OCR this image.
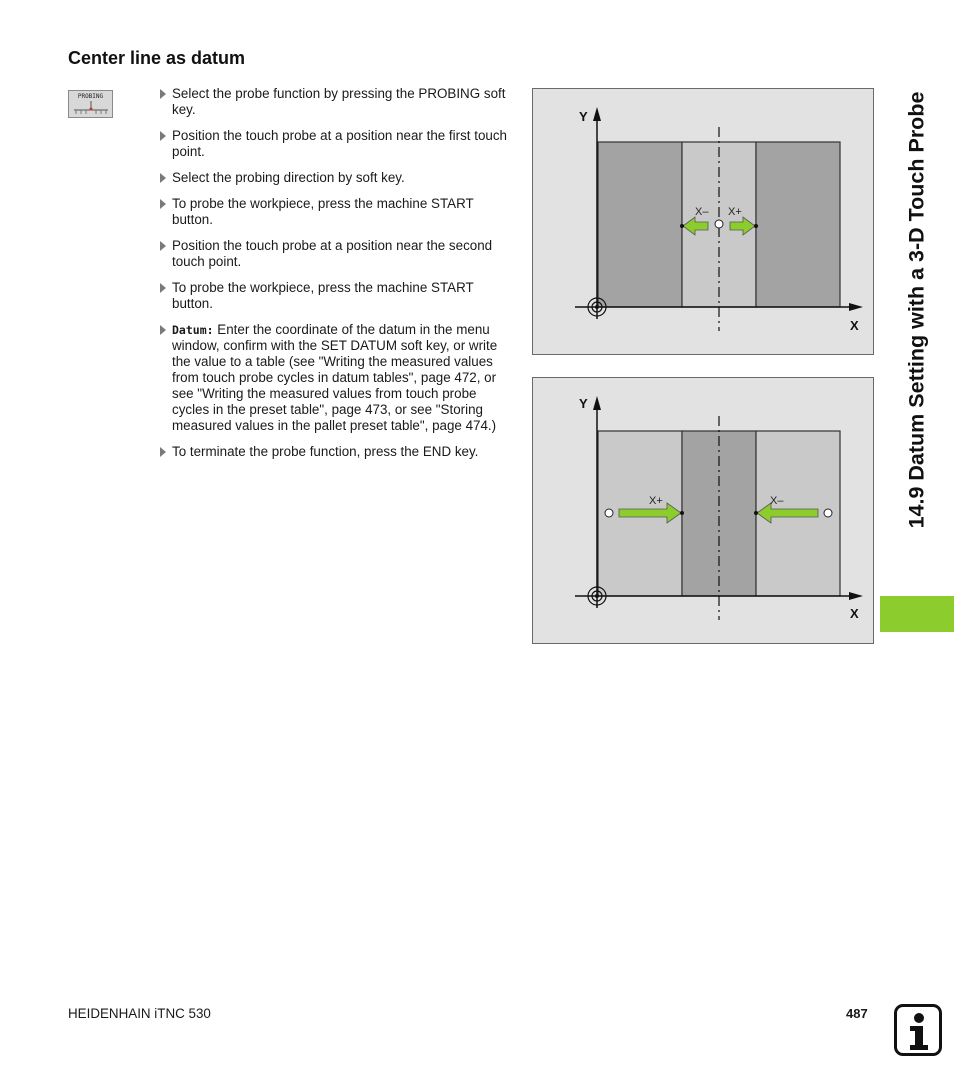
Center line as datum
PROBING	Select the probe function by pressing the PROBING soft key.
Position the touch probe at a position near the first touch point.
Select the probing direction by soft key.
To probe the workpiece, press the machine START button.
Position the touch probe at a position near the second touch point.
To probe the workpiece, press the machine START button.
Datum: Enter the coordinate of the datum in the menu window, confirm with the SET DATUM soft key, or write the value to a table (see "Writing the measured values from touch probe cycles in datum tables", page 472, or see "Writing the measured values from touch probe cycles in the preset table", page 473, or see "Storing measured values in the pallet preset table", page 474.)
To terminate the probe function, press the END key.
Y
X
X– X+
Y
X
X+	X–	14.9 Datum Setting with a 3-D Touch Probe
HEIDENHAIN iTNC 530	487
